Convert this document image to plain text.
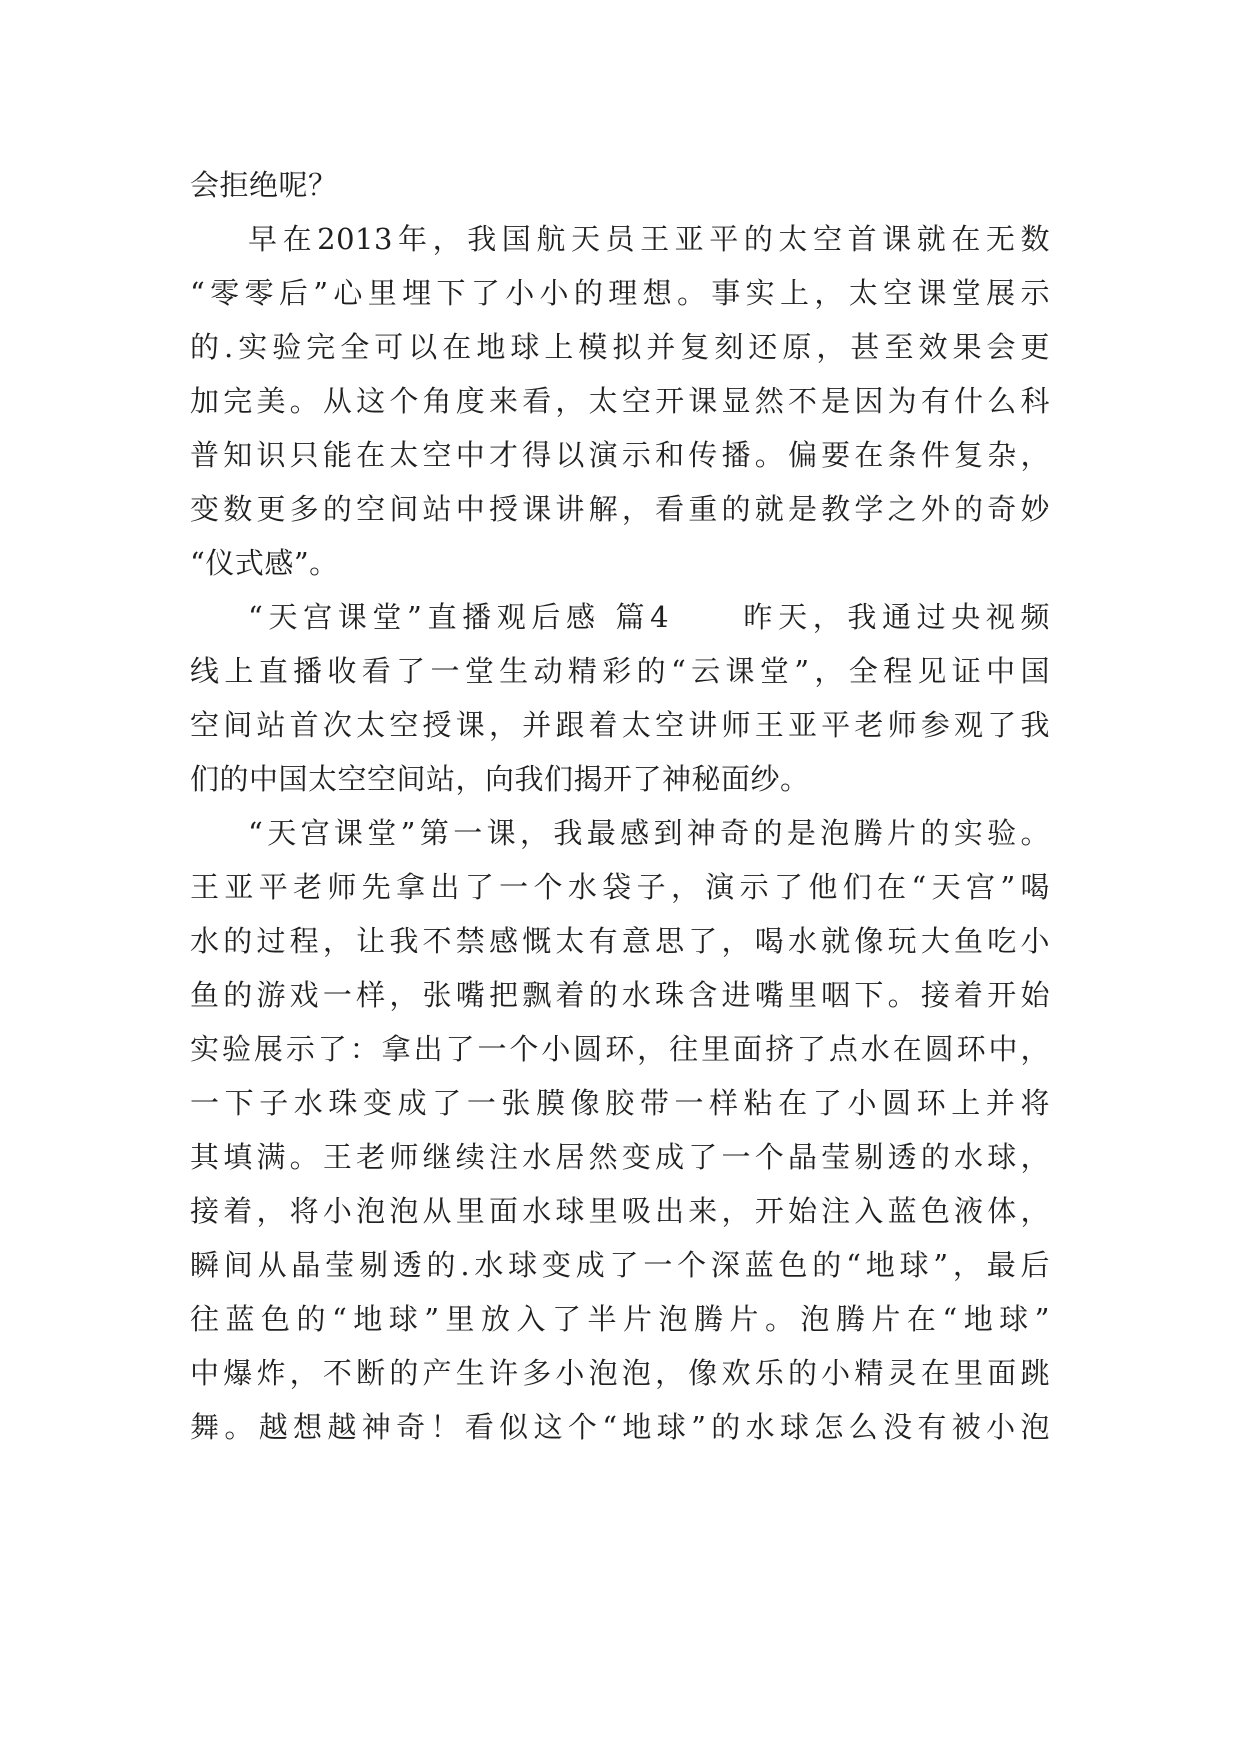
会拒绝呢？
早在2013年，我国航天员王亚平的太空首课就在无数
“零零后”心里埋下了小小的理想。事实上，太空课堂展示
的.实验完全可以在地球上模拟并复刻还原，甚至效果会更
加完美。从这个角度来看，太空开课显然不是因为有什么科
普知识只能在太空中才得以演示和传播。偏要在条件复杂，
变数更多的空间站中授课讲解，看重的就是教学之外的奇妙
“仪式感”。
“天宫课堂”直播观后感 篇4　　昨天，我通过央视频
线上直播收看了一堂生动精彩的“云课堂”，全程见证中国
空间站首次太空授课，并跟着太空讲师王亚平老师参观了我
们的中国太空空间站，向我们揭开了神秘面纱。
“天宫课堂”第一课，我最感到神奇的是泡腾片的实验。
王亚平老师先拿出了一个水袋子，演示了他们在“天宫”喝
水的过程，让我不禁感慨太有意思了，喝水就像玩大鱼吃小
鱼的游戏一样，张嘴把飘着的水珠含进嘴里咽下。接着开始
实验展示了：拿出了一个小圆环，往里面挤了点水在圆环中，
一下子水珠变成了一张膜像胶带一样粘在了小圆环上并将
其填满。王老师继续注水居然变成了一个晶莹剔透的水球，
接着，将小泡泡从里面水球里吸出来，开始注入蓝色液体，
瞬间从晶莹剔透的.水球变成了一个深蓝色的“地球”，最后
往蓝色的“地球”里放入了半片泡腾片。泡腾片在“地球”
中爆炸，不断的产生许多小泡泡，像欢乐的小精灵在里面跳
舞。越想越神奇！看似这个“地球”的水球怎么没有被小泡
